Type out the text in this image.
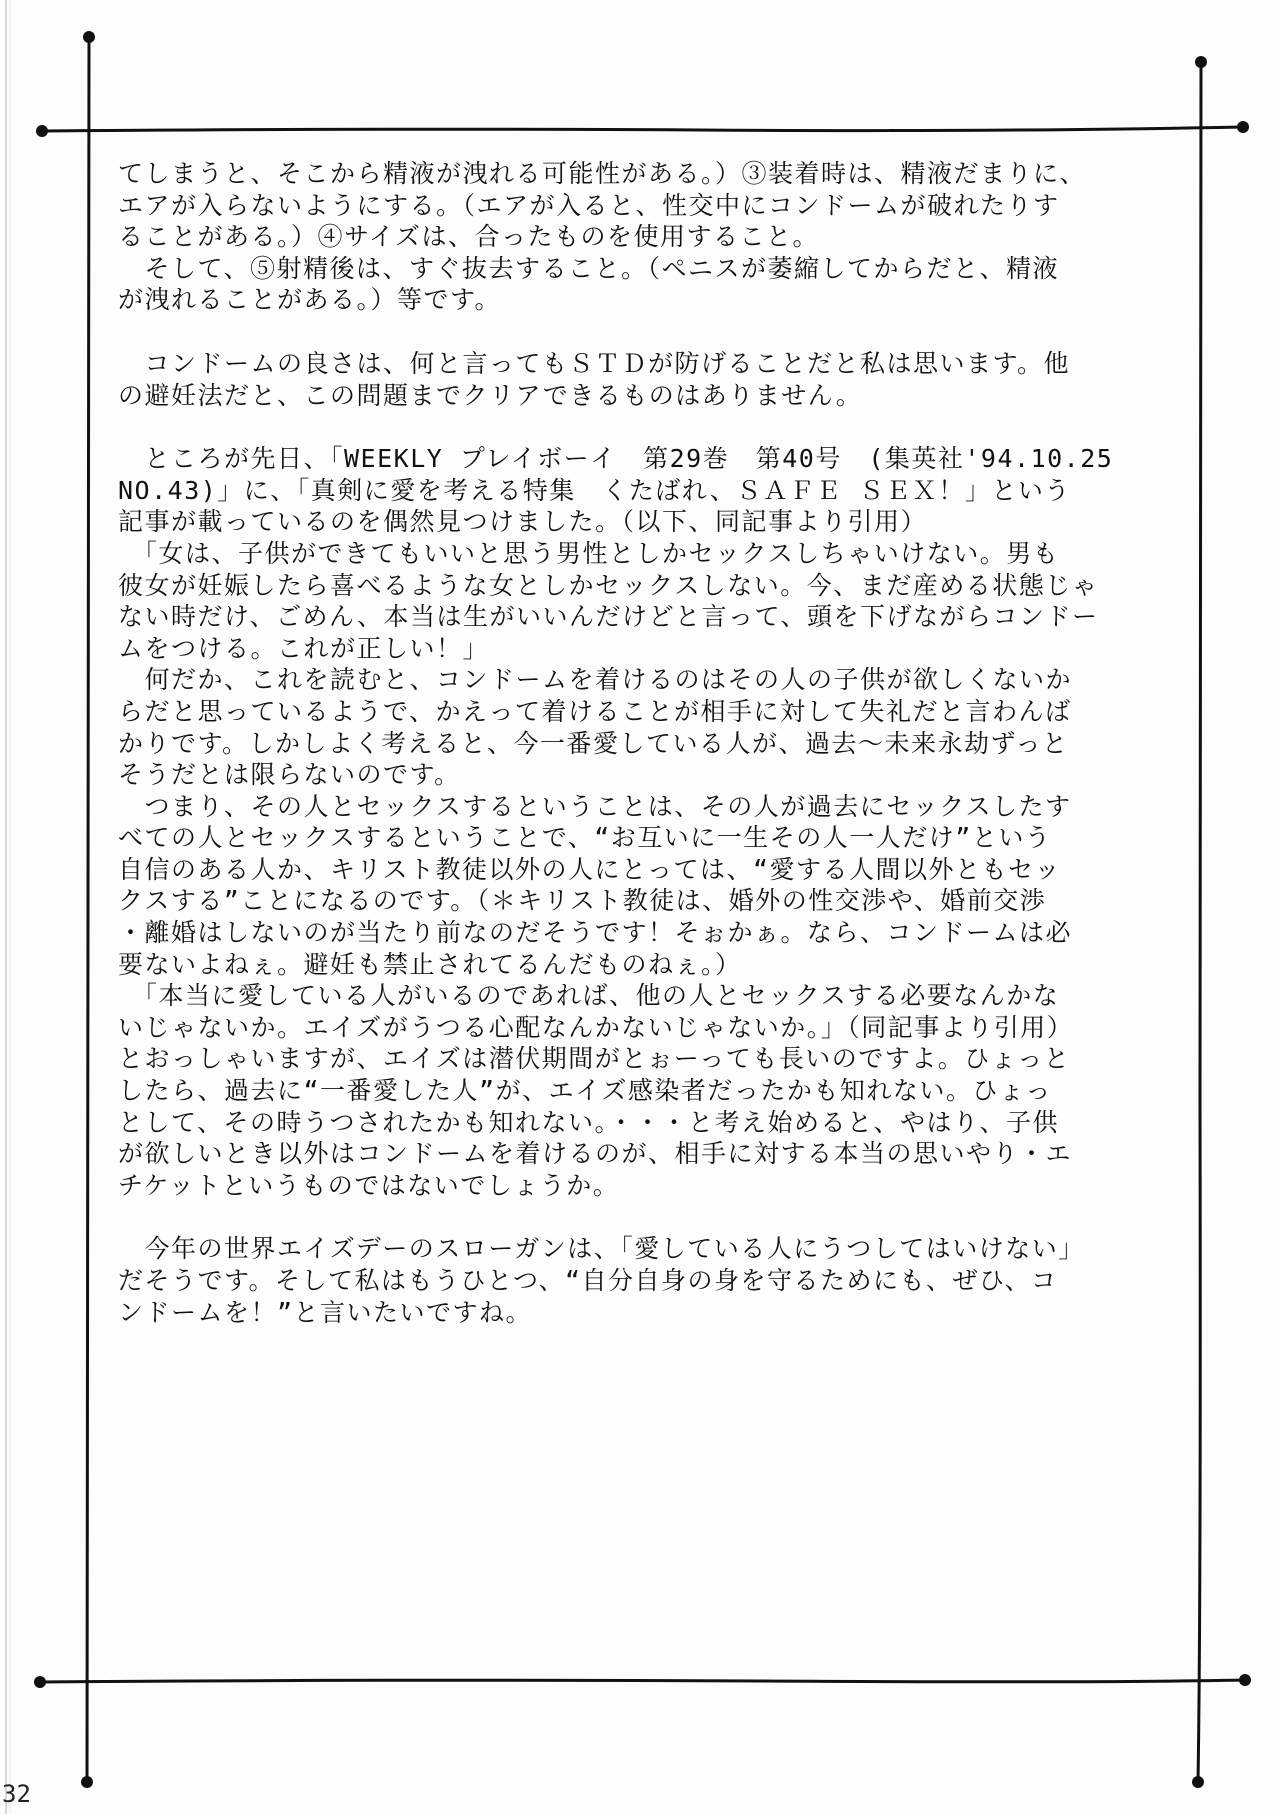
てしまうと、そこから精液が洩れる可能性がある。）③装着時は、精液だまりに、
エアが入らないようにする。（エアが入ると、性交中にコンドームが破れたりす
ることがある。）④サイズは、合ったものを使用すること。
　そして、⑤射精後は、すぐ抜去すること。（ペニスが萎縮してからだと、精液
が洩れることがある。）等です。
　コンドームの良さは、何と言ってもＳＴＤが防げることだと私は思います。他
の避妊法だと、この問題までクリアできるものはありません。
　ところが先日、「WEEKLY プレイボーイ　第29巻　第40号　(集英社'94.10.25
NO.43)」に、「真剣に愛を考える特集　くたばれ、ＳＡＦＥ ＳＥＸ！」という
記事が載っているのを偶然見つけました。（以下、同記事より引用）
　「女は、子供ができてもいいと思う男性としかセックスしちゃいけない。男も
彼女が妊娠したら喜べるような女としかセックスしない。今、まだ産める状態じゃ
ない時だけ、ごめん、本当は生がいいんだけどと言って、頭を下げながらコンドー
ムをつける。これが正しい！」
　何だか、これを読むと、コンドームを着けるのはその人の子供が欲しくないか
らだと思っているようで、かえって着けることが相手に対して失礼だと言わんば
かりです。しかしよく考えると、今一番愛している人が、過去～未来永劫ずっと
そうだとは限らないのです。
　つまり、その人とセックスするということは、その人が過去にセックスしたす
べての人とセックスするということで、“お互いに一生その人一人だけ”という
自信のある人か、キリスト教徒以外の人にとっては、“愛する人間以外ともセッ
クスする”ことになるのです。（＊キリスト教徒は、婚外の性交渉や、婚前交渉
・離婚はしないのが当たり前なのだそうです！そぉかぁ。なら、コンドームは必
要ないよねぇ。避妊も禁止されてるんだものねぇ。）
　「本当に愛している人がいるのであれば、他の人とセックスする必要なんかな
いじゃないか。エイズがうつる心配なんかないじゃないか。」（同記事より引用）
とおっしゃいますが、エイズは潜伏期間がとぉーっても長いのですよ。ひょっと
したら、過去に“一番愛した人”が、エイズ感染者だったかも知れない。ひょっ
として、その時うつされたかも知れない。・・・と考え始めると、やはり、子供
が欲しいとき以外はコンドームを着けるのが、相手に対する本当の思いやり・エ
チケットというものではないでしょうか。
　今年の世界エイズデーのスローガンは、「愛している人にうつしてはいけない」
だそうです。そして私はもうひとつ、“自分自身の身を守るためにも、ぜひ、コ
ンドームを！”と言いたいですね。
32
